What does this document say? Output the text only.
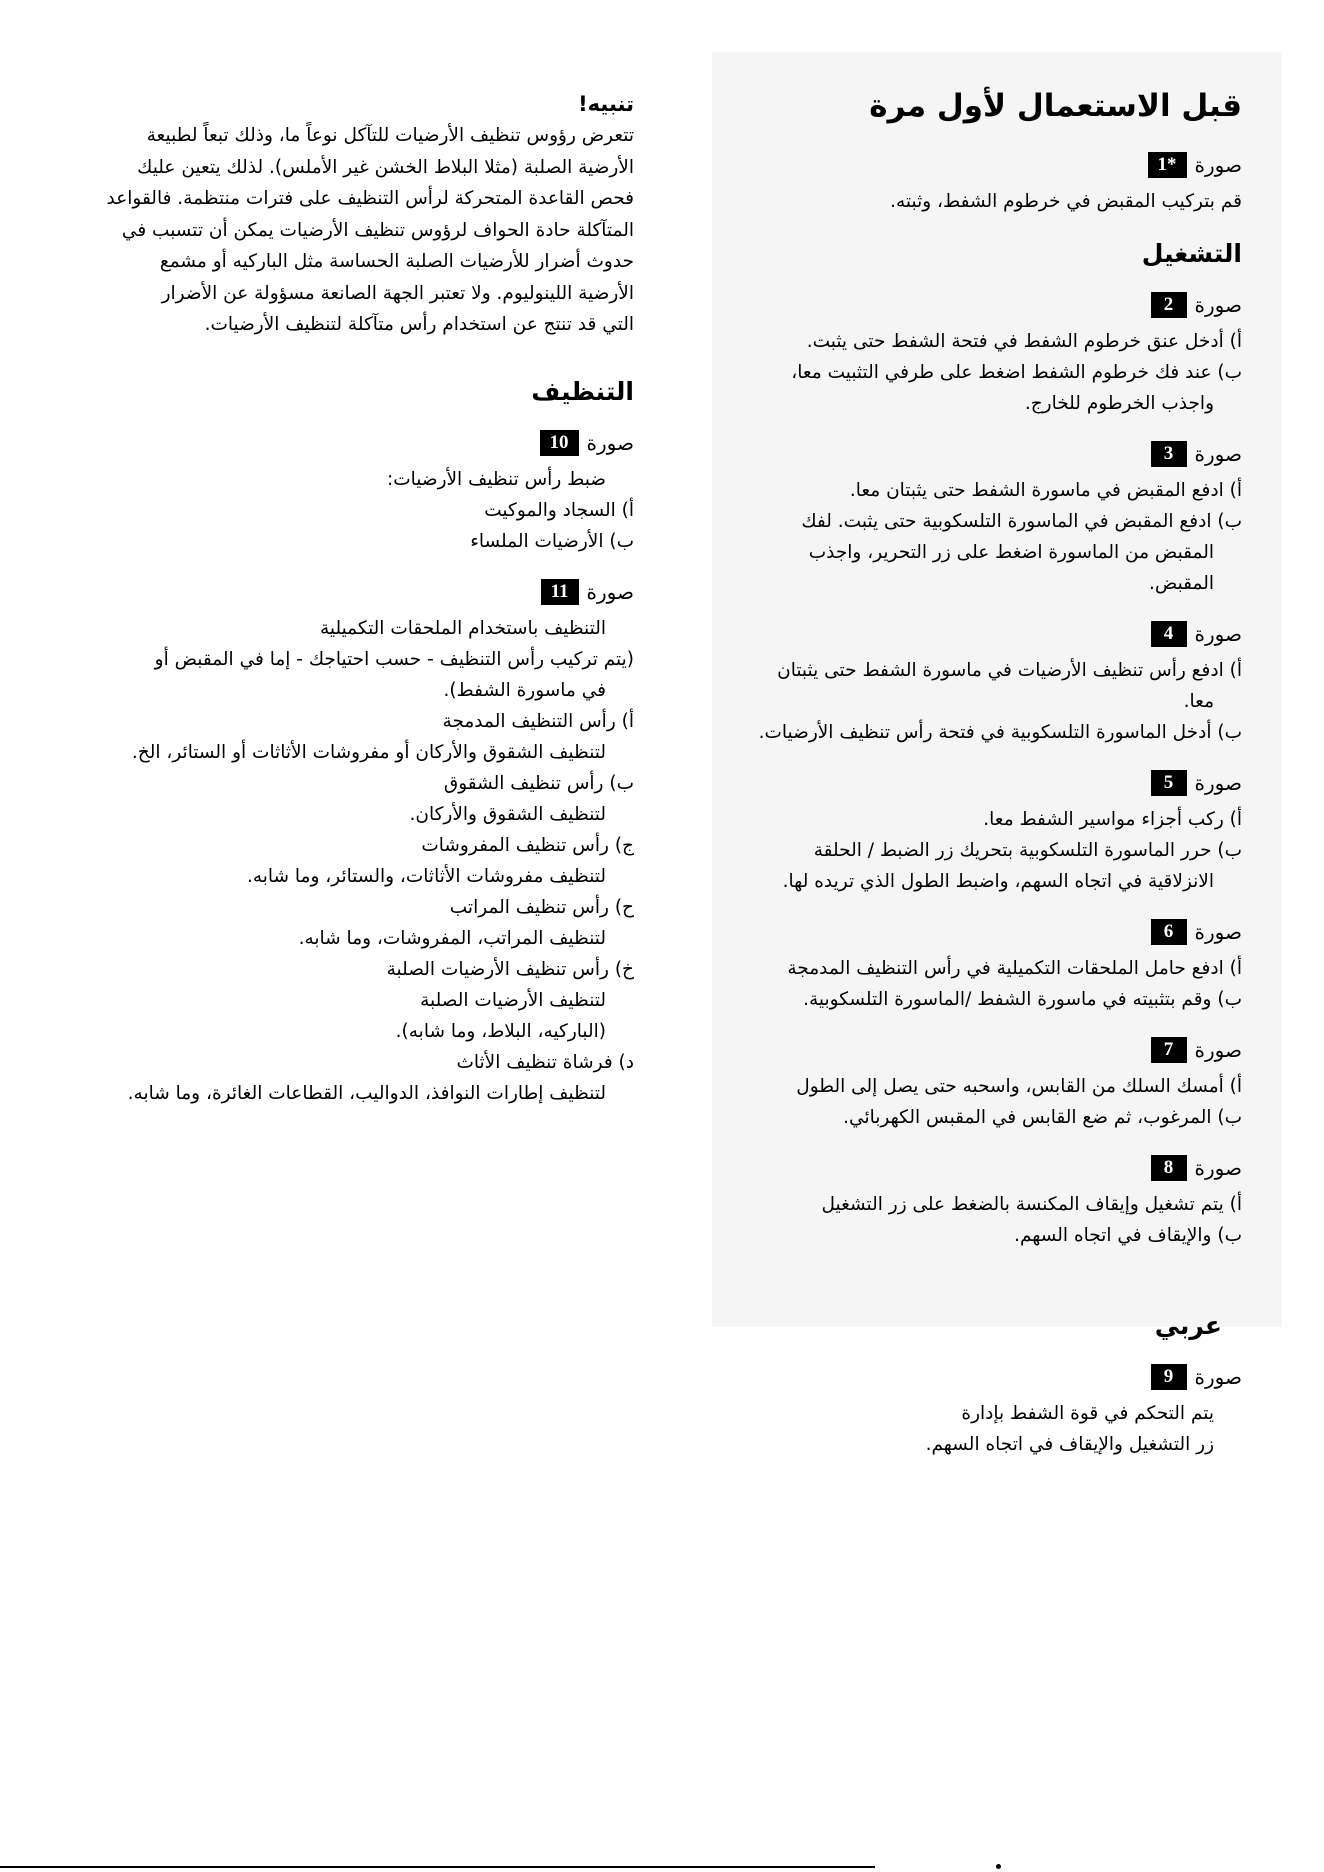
قبل الاستعمال لأول مرة
صورة
*1

قم بتركيب المقبض في خرطوم الشفط، وثبته.

التشغيل
صورة
2

أ) أدخل عنق خرطوم الشفط في فتحة الشفط حتى يثبت.

ب) عند فك خرطوم الشفط اضغط على طرفي التثبيت معا،

واجذب الخرطوم للخارج.

صورة
3

أ) ادفع المقبض في ماسورة الشفط حتى يثبتان معا.

ب) ادفع المقبض في الماسورة التلسكوبية حتى يثبت. لفك

المقبض من الماسورة اضغط على زر التحرير، واجذب

المقبض.

صورة
4

أ) ادفع رأس تنظيف الأرضيات في ماسورة الشفط حتى يثبتان

معا.

ب) أدخل الماسورة التلسكوبية في فتحة رأس تنظيف الأرضيات.

صورة
5

أ) ركب أجزاء مواسير الشفط معا.

ب) حرر الماسورة التلسكوبية بتحريك زر الضبط / الحلقة

الانزلاقية في اتجاه السهم، واضبط الطول الذي تريده لها.

صورة
6

أ) ادفع حامل الملحقات التكميلية في رأس التنظيف المدمجة

ب) وقم بتثبيته في ماسورة الشفط /الماسورة التلسكوبية.

صورة
7

أ) أمسك السلك من القابس، واسحبه حتى يصل إلى الطول

ب) المرغوب، ثم ضع القابس في المقبس الكهربائي.

صورة
8

أ) يتم تشغيل وإيقاف المكنسة بالضغط على زر التشغيل

ب) والإيقاف في اتجاه السهم.

عربي
صورة
9

يتم التحكم في قوة الشفط بإدارة

زر التشغيل والإيقاف في اتجاه السهم.

تنبيه!
تتعرض رؤوس تنظيف الأرضيات للتآكل نوعاً ما، وذلك تبعاً لطبيعة
الأرضية الصلبة (مثلا البلاط الخشن غير الأملس). لذلك يتعين عليك
فحص القاعدة المتحركة لرأس التنظيف على فترات منتظمة. فالقواعد
المتآكلة حادة الحواف لرؤوس تنظيف الأرضيات يمكن أن تتسبب في
حدوث أضرار للأرضيات الصلبة الحساسة مثل الباركيه أو مشمع
الأرضية اللينوليوم. ولا تعتبر الجهة الصانعة مسؤولة عن الأضرار
التي قد تنتج عن استخدام رأس متآكلة لتنظيف الأرضيات.
التنظيف
صورة
10

ضبط رأس تنظيف الأرضيات:

أ) السجاد والموكيت

ب) الأرضيات الملساء

صورة
11

التنظيف باستخدام الملحقات التكميلية

(يتم تركيب رأس التنظيف - حسب احتياجك - إما في المقبض أو

في ماسورة الشفط).

أ) رأس التنظيف المدمجة

لتنظيف الشقوق والأركان أو مفروشات الأثاثات أو الستائر، الخ.

ب) رأس تنظيف الشقوق

لتنظيف الشقوق والأركان.

ج) رأس تنظيف المفروشات

لتنظيف مفروشات الأثاثات، والستائر، وما شابه.

ح) رأس تنظيف المراتب

لتنظيف المراتب، المفروشات، وما شابه.

خ) رأس تنظيف الأرضيات الصلبة

لتنظيف الأرضيات الصلبة

(الباركيه، البلاط، وما شابه).

د) فرشاة تنظيف الأثاث

لتنظيف إطارات النوافذ، الدواليب، القطاعات الغائرة، وما شابه.
